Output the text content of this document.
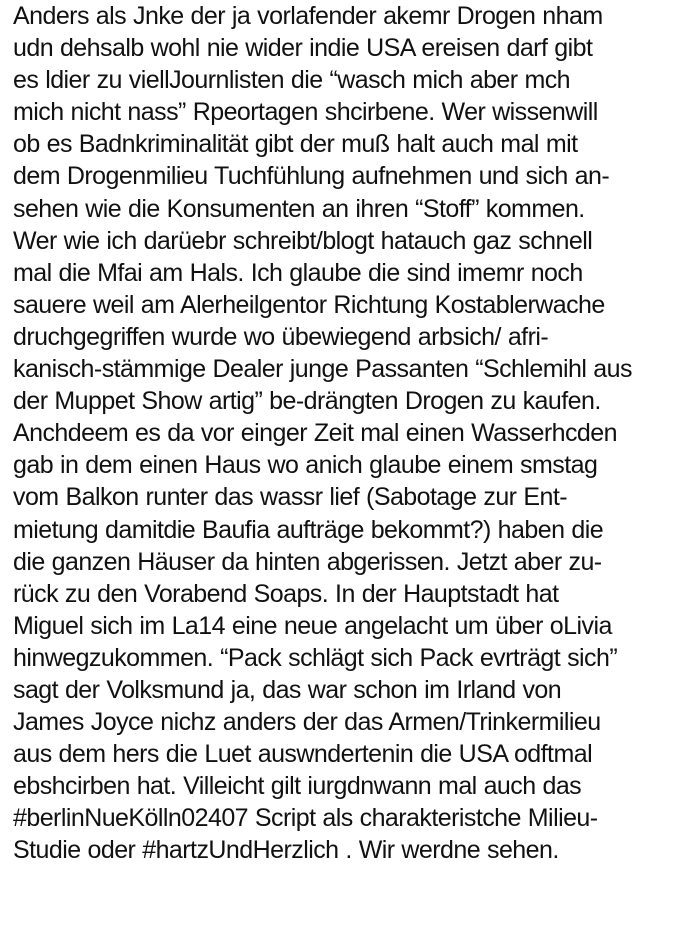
Anders als Jnke der ja vorlafender akemr Drogen nham
udn dehsalb wohl nie wider indie USA ereisen darf gibt
es ldier zu viellJournlisten die “wasch mich aber mch
mich nicht nass” Rpeortagen shcirbene. Wer wissenwill
ob es Badnkriminalität gibt der muß halt auch mal mit
dem Drogenmilieu Tuchfühlung aufnehmen und sich an-
sehen wie die Konsumenten an ihren “Stoff” kommen.
Wer wie ich darüebr schreibt/blogt hatauch gaz schnell
mal die Mfai am Hals. Ich glaube die sind imemr noch
sauere weil am Alerheilgentor Richtung Kostablerwache
druchgegriffen wurde wo übewiegend arbsich/ afri-
kanisch-stämmige Dealer junge Passanten “Schlemihl aus
der Muppet Show artig” be-drängten Drogen zu kaufen.
Anchdeem es da vor einger Zeit mal einen Wasserhcden
gab in dem einen Haus wo anich glaube einem smstag
vom Balkon runter das wassr lief (Sabotage zur Ent-
mietung damitdie Baufia aufträge bekommt?) haben die
die ganzen Häuser da hinten abgerissen. Jetzt aber zu-
rück zu den Vorabend Soaps. In der Hauptstadt hat
Miguel sich im La14 eine neue angelacht um über oLivia
hinwegzukommen. “Pack schlägt sich Pack evrträgt sich”
sagt der Volksmund ja, das war schon im Irland von
James Joyce nichz anders der das Armen/Trinkermilieu
aus dem hers die Luet auswndertenin die USA odftmal
ebshcirben hat. Villeicht gilt iurgdnwann mal auch das
#berlinNueKölln02407 Script als charakteristche Milieu-
Studie oder #hartzUndHerzlich . Wir werdne sehen.
